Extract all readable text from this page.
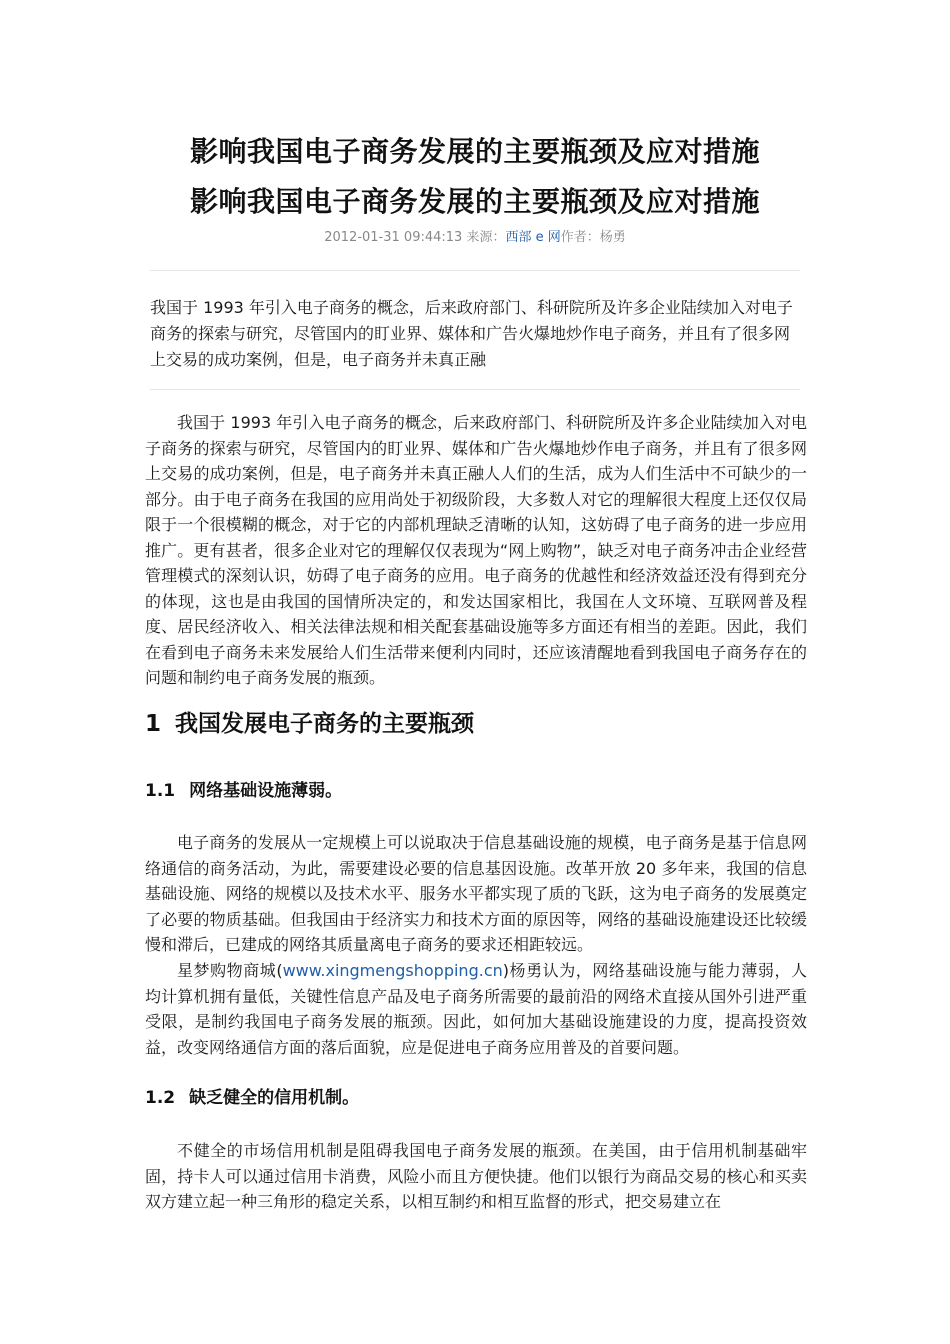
影响我国电子商务发展的主要瓶颈及应对措施
影响我国电子商务发展的主要瓶颈及应对措施
2012-01-31 09:44:13 来源：西部 e 网作者：杨勇
我国于 1993 年引入电子商务的概念，后来政府部门、科研院所及许多企业陆续加入对电子商务的探索与研究，尽管国内的盯业界、媒体和广告火爆地炒作电子商务，并且有了很多网上交易的成功案例，但是，电子商务并未真正融

我国于 1993 年引入电子商务的概念，后来政府部门、科研院所及许多企业陆续加入对电子商务的探索与研究，尽管国内的盯业界、媒体和广告火爆地炒作电子商务，并且有了很多网上交易的成功案例，但是，电子商务并未真正融人人们的生活，成为人们生活中不可缺少的一部分。由于电子商务在我国的应用尚处于初级阶段，大多数人对它的理解很大程度上还仅仅局限于一个很模糊的概念，对于它的内部机理缺乏清晰的认知，这妨碍了电子商务的进一步应用推广。更有甚者，很多企业对它的理解仅仅表现为“网上购物”，缺乏对电子商务冲击企业经营管理模式的深刻认识，妨碍了电子商务的应用。电子商务的优越性和经济效益还没有得到充分的体现，这也是由我国的国情所决定的，和发达国家相比，我国在人文环境、互联网普及程度、居民经济收入、相关法律法规和相关配套基础设施等多方面还有相当的差距。因此，我们在看到电子商务未来发展给人们生活带来便利内同时，还应该清醒地看到我国电子商务存在的问题和制约电子商务发展的瓶颈。

1 我国发展电子商务的主要瓶颈
1.1 网络基础设施薄弱。

电子商务的发展从一定规模上可以说取决于信息基础设施的规模，电子商务是基于信息网络通信的商务活动，为此，需要建设必要的信息基因设施。改革开放 20 多年来，我国的信息基础设施、网络的规模以及技术水平、服务水平都实现了质的飞跃，这为电子商务的发展奠定了必要的物质基础。但我国由于经济实力和技术方面的原因等，网络的基础设施建设还比较缓慢和滞后，已建成的网络其质量离电子商务的要求还相距较远。

星梦购物商城(www.xingmengshopping.cn)杨勇认为，网络基础设施与能力薄弱，人均计算机拥有量低，关键性信息产品及电子商务所需要的最前沿的网络术直接从国外引进严重受限，是制约我国电子商务发展的瓶颈。因此，如何加大基础设施建设的力度，提高投资效益，改变网络通信方面的落后面貌，应是促进电子商务应用普及的首要问题。

1.2 缺乏健全的信用机制。

不健全的市场信用机制是阻碍我国电子商务发展的瓶颈。在美国，由于信用机制基础牢固，持卡人可以通过信用卡消费，风险小而且方便快捷。他们以银行为商品交易的核心和买卖双方建立起一种三角形的稳定关系，以相互制约和相互监督的形式，把交易建立在
